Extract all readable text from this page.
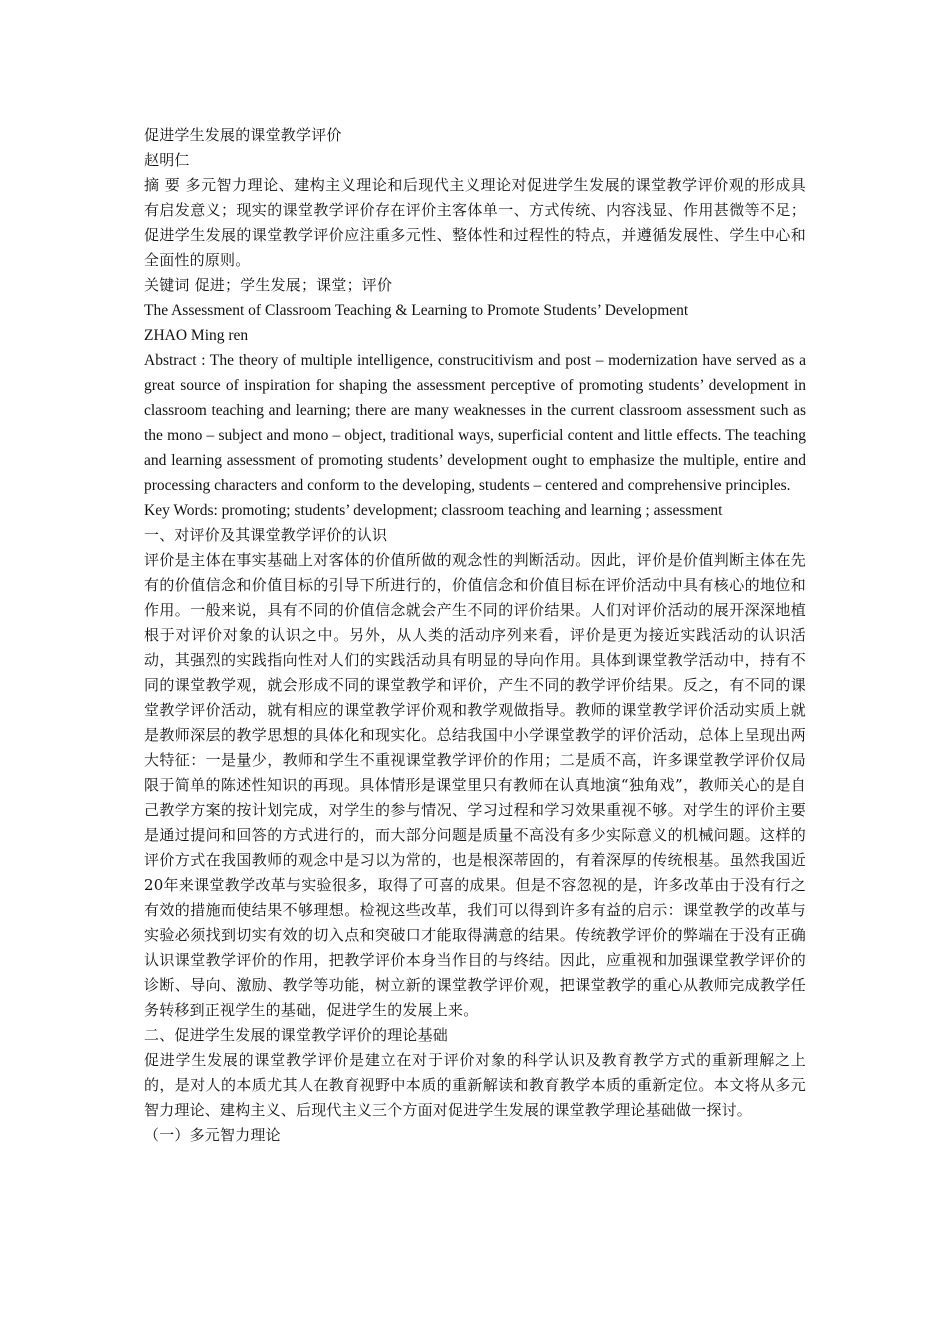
促进学生发展的课堂教学评价

赵明仁

摘 要 多元智力理论、建构主义理论和后现代主义理论对促进学生发展的课堂教学评价观的形成具有启发意义；现实的课堂教学评价存在评价主客体单一、方式传统、内容浅显、作用甚微等不足；促进学生发展的课堂教学评价应注重多元性、整体性和过程性的特点，并遵循发展性、学生中心和全面性的原则。

关键词 促进；学生发展；课堂；评价

The Assessment of Classroom Teaching & Learning to Promote Students’ Development

ZHAO Ming ren

Abstract : The theory of multiple intelligence, construcitivism and post – modernization have served as a great source of inspiration for shaping the assessment perceptive of promoting students’ development in classroom teaching and learning; there are many weaknesses in the current classroom assessment such as the mono – subject and mono – object, traditional ways, superficial content and little effects. The teaching and learning assessment of promoting students’ development ought to emphasize the multiple, entire and processing characters and conform to the developing, students – centered and comprehensive principles.

Key Words: promoting; students’ development; classroom teaching and learning ; assessment

一、对评价及其课堂教学评价的认识

评价是主体在事实基础上对客体的价值所做的观念性的判断活动。因此，评价是价值判断主体在先有的价值信念和价值目标的引导下所进行的，价值信念和价值目标在评价活动中具有核心的地位和作用。一般来说，具有不同的价值信念就会产生不同的评价结果。人们对评价活动的展开深深地植根于对评价对象的认识之中。另外，从人类的活动序列来看，评价是更为接近实践活动的认识活动，其强烈的实践指向性对人们的实践活动具有明显的导向作用。具体到课堂教学活动中，持有不同的课堂教学观，就会形成不同的课堂教学和评价，产生不同的教学评价结果。反之，有不同的课堂教学评价活动，就有相应的课堂教学评价观和教学观做指导。教师的课堂教学评价活动实质上就是教师深层的教学思想的具体化和现实化。总结我国中小学课堂教学的评价活动，总体上呈现出两大特征：一是量少，教师和学生不重视课堂教学评价的作用；二是质不高，许多课堂教学评价仅局限于简单的陈述性知识的再现。具体情形是课堂里只有教师在认真地演“独角戏”，教师关心的是自己教学方案的按计划完成，对学生的参与情况、学习过程和学习效果重视不够。对学生的评价主要是通过提问和回答的方式进行的，而大部分问题是质量不高没有多少实际意义的机械问题。这样的评价方式在我国教师的观念中是习以为常的，也是根深蒂固的，有着深厚的传统根基。虽然我国近20年来课堂教学改革与实验很多，取得了可喜的成果。但是不容忽视的是，许多改革由于没有行之有效的措施而使结果不够理想。检视这些改革，我们可以得到许多有益的启示：课堂教学的改革与实验必须找到切实有效的切入点和突破口才能取得满意的结果。传统教学评价的弊端在于没有正确认识课堂教学评价的作用，把教学评价本身当作目的与终结。因此，应重视和加强课堂教学评价的诊断、导向、激励、教学等功能，树立新的课堂教学评价观，把课堂教学的重心从教师完成教学任务转移到正视学生的基础，促进学生的发展上来。

二、促进学生发展的课堂教学评价的理论基础

促进学生发展的课堂教学评价是建立在对于评价对象的科学认识及教育教学方式的重新理解之上的，是对人的本质尤其人在教育视野中本质的重新解读和教育教学本质的重新定位。本文将从多元智力理论、建构主义、后现代主义三个方面对促进学生发展的课堂教学理论基础做一探讨。

（一）多元智力理论
